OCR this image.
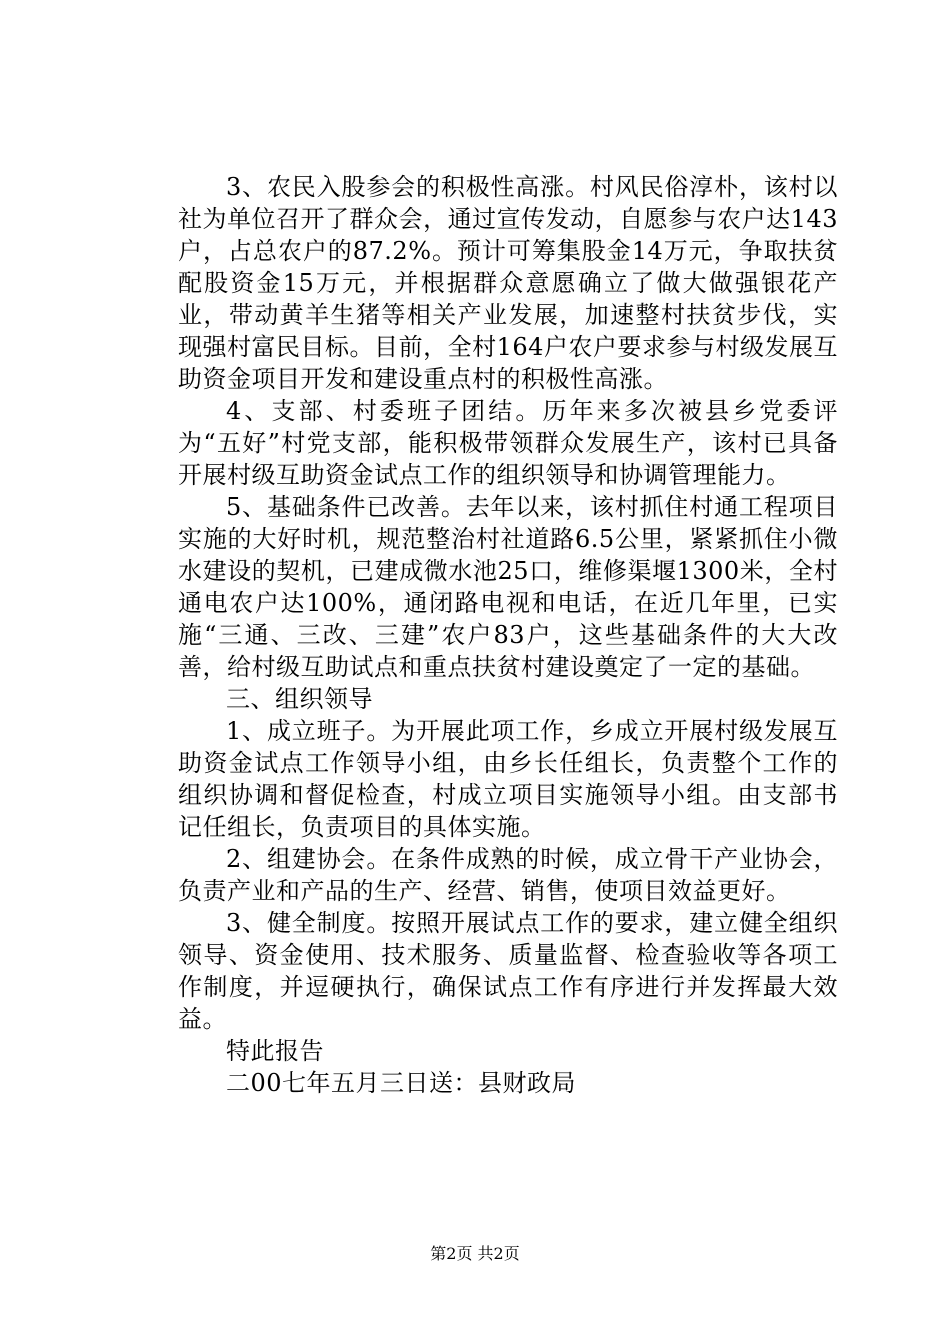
3、农民入股参会的积极性高涨。村风民俗淳朴，该村以社为单位召开了群众会，通过宣传发动，自愿参与农户达143户，占总农户的87.2%。预计可筹集股金14万元，争取扶贫配股资金15万元，并根据群众意愿确立了做大做强银花产业，带动黄羊生猪等相关产业发展，加速整村扶贫步伐，实现强村富民目标。目前，全村164户农户要求参与村级发展互助资金项目开发和建设重点村的积极性高涨。

4、支部、村委班子团结。历年来多次被县乡党委评为“五好”村党支部，能积极带领群众发展生产，该村已具备开展村级互助资金试点工作的组织领导和协调管理能力。

5、基础条件已改善。去年以来，该村抓住村通工程项目实施的大好时机，规范整治村社道路6.5公里，紧紧抓住小微水建设的契机，已建成微水池25口，维修渠堰1300米，全村通电农户达100%，通闭路电视和电话，在近几年里，已实施“三通、三改、三建”农户83户，这些基础条件的大大改善，给村级互助试点和重点扶贫村建设奠定了一定的基础。

三、组织领导

1、成立班子。为开展此项工作，乡成立开展村级发展互助资金试点工作领导小组，由乡长任组长，负责整个工作的组织协调和督促检查，村成立项目实施领导小组。由支部书记任组长，负责项目的具体实施。

2、组建协会。在条件成熟的时候，成立骨干产业协会，负责产业和产品的生产、经营、销售，使项目效益更好。

3、健全制度。按照开展试点工作的要求，建立健全组织领导、资金使用、技术服务、质量监督、检查验收等各项工作制度，并逗硬执行，确保试点工作有序进行并发挥最大效益。

特此报告

二00七年五月三日送：县财政局

第2页 共2页
